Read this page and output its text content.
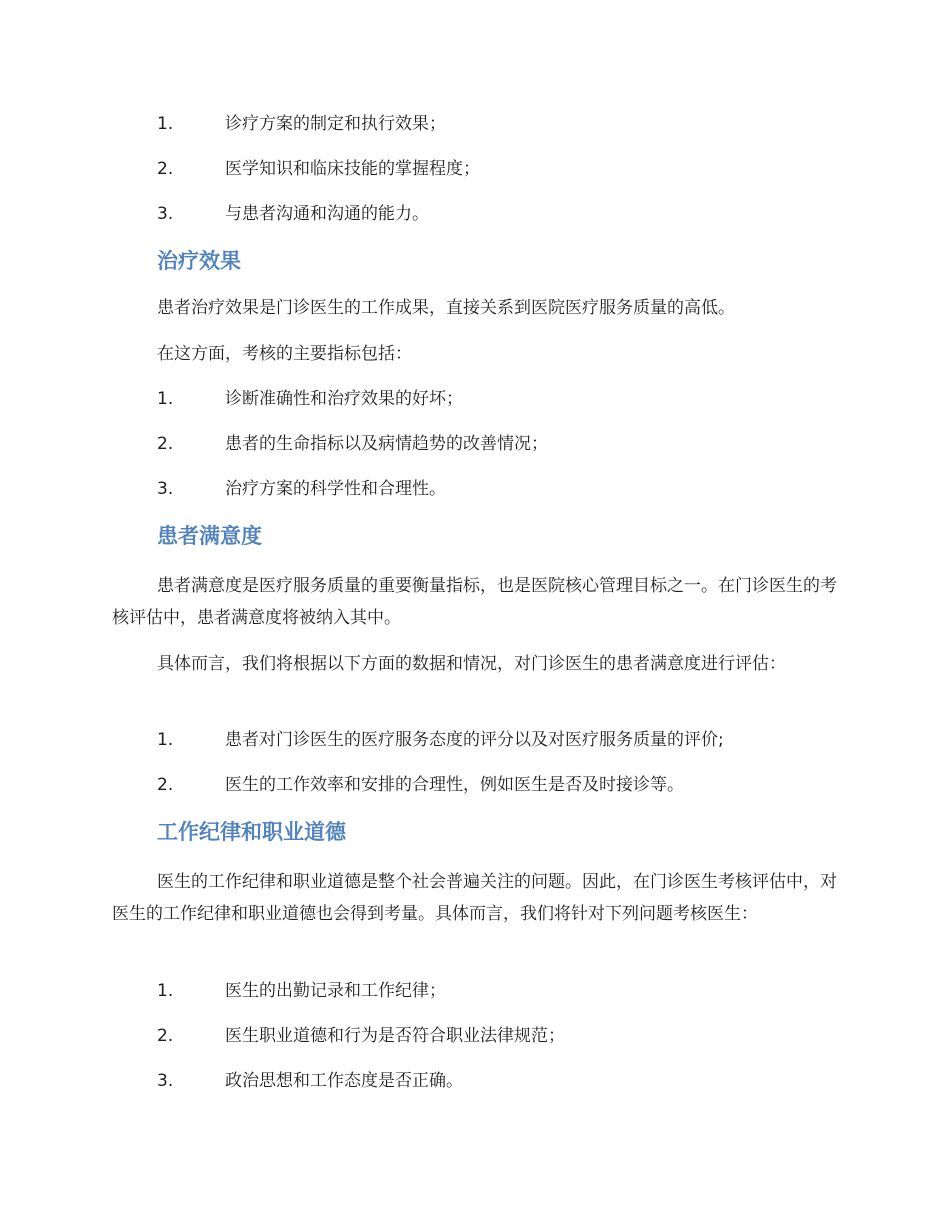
1.	诊疗方案的制定和执行效果；
2.	医学知识和临床技能的掌握程度；
3.	与患者沟通和沟通的能力。
治疗效果

患者治疗效果是门诊医生的工作成果，直接关系到医院医疗服务质量的高低。

在这方面，考核的主要指标包括：

1.	诊断准确性和治疗效果的好坏；
2.	患者的生命指标以及病情趋势的改善情况；
3.	治疗方案的科学性和合理性。
患者满意度

患者满意度是医疗服务质量的重要衡量指标，也是医院核心管理目标之一。在门诊医生的考核评估中，患者满意度将被纳入其中。

具体而言，我们将根据以下方面的数据和情况，对门诊医生的患者满意度进行评估：

1.	患者对门诊医生的医疗服务态度的评分以及对医疗服务质量的评价;
2.	医生的工作效率和安排的合理性，例如医生是否及时接诊等。
工作纪律和职业道德

医生的工作纪律和职业道德是整个社会普遍关注的问题。因此，在门诊医生考核评估中，对医生的工作纪律和职业道德也会得到考量。具体而言，我们将针对下列问题考核医生：

1.	医生的出勤记录和工作纪律；
2.	医生职业道德和行为是否符合职业法律规范；
3.	政治思想和工作态度是否正确。
